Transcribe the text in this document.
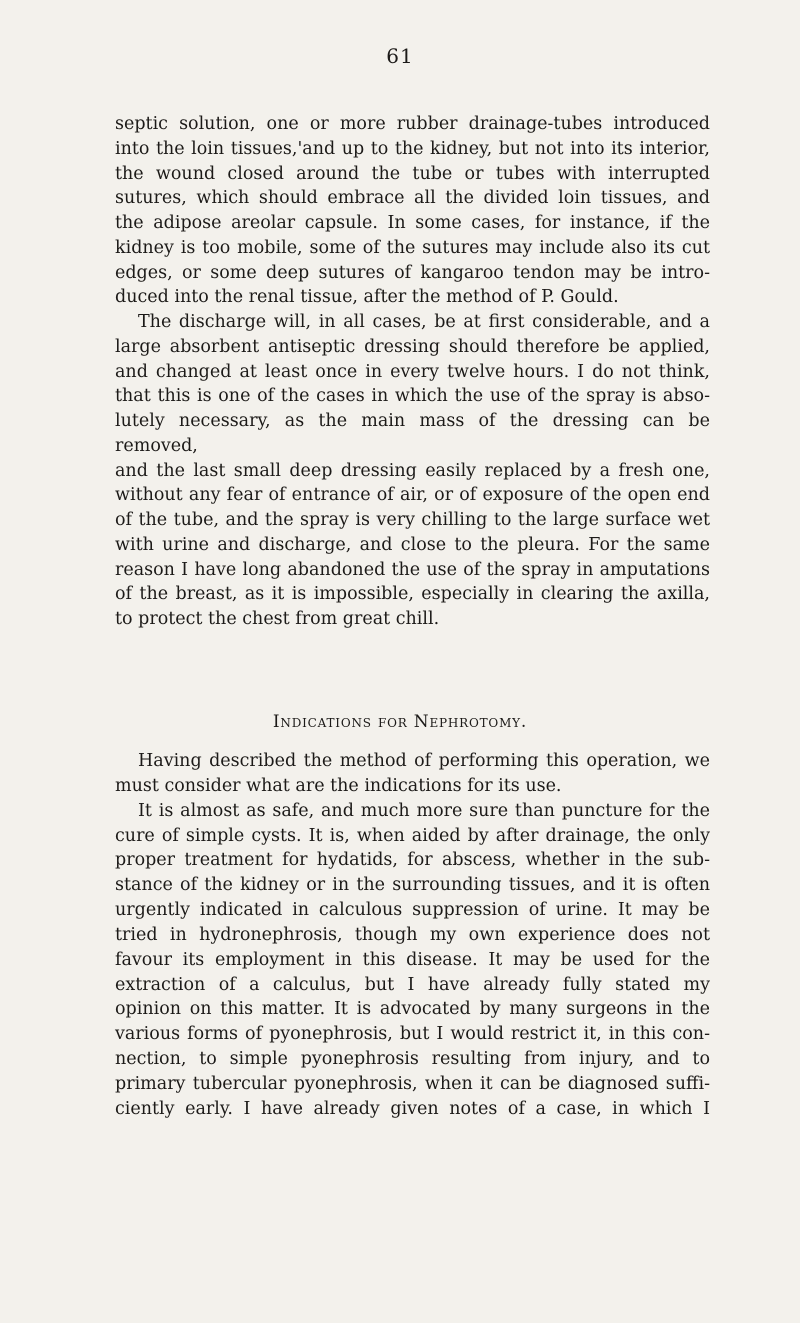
61

septic solution, one or more rubber drainage-tubes introduced

into the loin tissues,'and up to the kidney, but not into its interior,

the wound closed around the tube or tubes with interrupted

sutures, which should embrace all the divided loin tissues, and

the adipose areolar capsule. In some cases, for instance, if the

kidney is too mobile, some of the sutures may include also its cut

edges, or some deep sutures of kangaroo tendon may be intro-

duced into the renal tissue, after the method of P. Gould.

The discharge will, in all cases, be at first considerable, and a

large absorbent antiseptic dressing should therefore be applied,

and changed at least once in every twelve hours. I do not think,

that this is one of the cases in which the use of the spray is abso-

lutely necessary, as the main mass of the dressing can be removed,

and the last small deep dressing easily replaced by a fresh one,

without any fear of entrance of air, or of exposure of the open end

of the tube, and the spray is very chilling to the large surface wet

with urine and discharge, and close to the pleura. For the same

reason I have long abandoned the use of the spray in amputations

of the breast, as it is impossible, especially in clearing the axilla,

to protect the chest from great chill.

Indications for Nephrotomy.

Having described the method of performing this operation, we

must consider what are the indications for its use.

It is almost as safe, and much more sure than puncture for the

cure of simple cysts. It is, when aided by after drainage, the only

proper treatment for hydatids, for abscess, whether in the sub-

stance of the kidney or in the surrounding tissues, and it is often

urgently indicated in calculous suppression of urine. It may be

tried in hydronephrosis, though my own experience does not

favour its employment in this disease. It may be used for the

extraction of a calculus, but I have already fully stated my

opinion on this matter. It is advocated by many surgeons in the

various forms of pyonephrosis, but I would restrict it, in this con-

nection, to simple pyonephrosis resulting from injury, and to

primary tubercular pyonephrosis, when it can be diagnosed suffi-

ciently early. I have already given notes of a case, in which I
